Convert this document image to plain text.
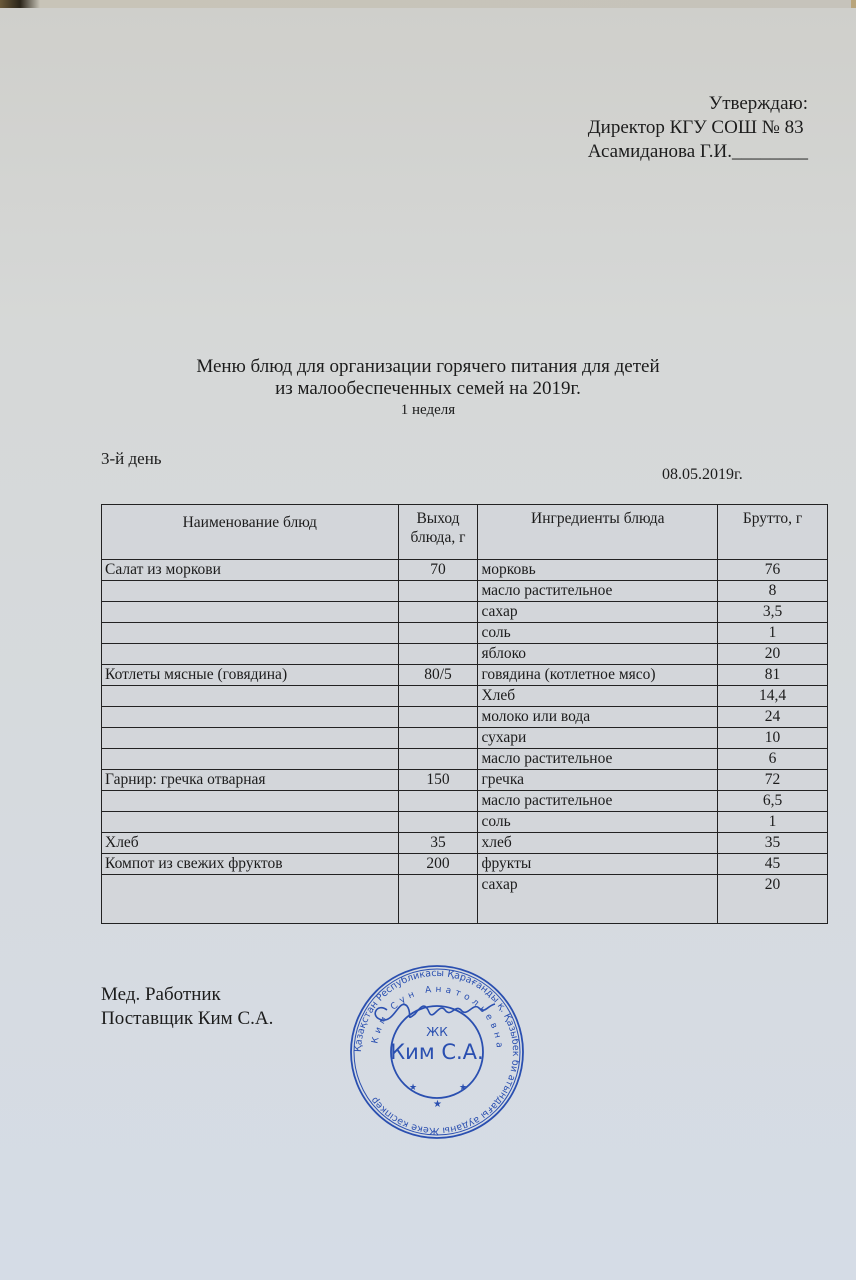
Утверждаю:
Директор КГУ СОШ № 83
Асамиданова Г.И.________
Меню блюд для организации горячего питания для детей
из малообеспеченных семей на 2019г.
1 неделя
3-й день
08.05.2019г.
Наименование блюд	Выход блюда, г	Ингредиенты блюда	Брутто, г
Салат из моркови	70	морковь	76
		масло растительное	8
		сахар	3,5
		соль	1
		яблоко	20
Котлеты мясные (говядина)	80/5	говядина (котлетное мясо)	81
		Хлеб	14,4
		молоко или вода	24
		сухари	10
		масло растительное	6
Гарнир: гречка отварная	150	гречка	72
		масло растительное	6,5
		соль	1
Хлеб	35	хлеб	35
Компот из свежих фруктов	200	фрукты	45
		сахар	20
Мед. Работник
Поставщик Ким С.А.
Қазақстан Республикасы Қарағанды қ. Қазыбек би атындағы ауданы Жеке кәсіпкер
Ким Сун Анатольевна
ЖК
Ким С.А.
★	★
★
